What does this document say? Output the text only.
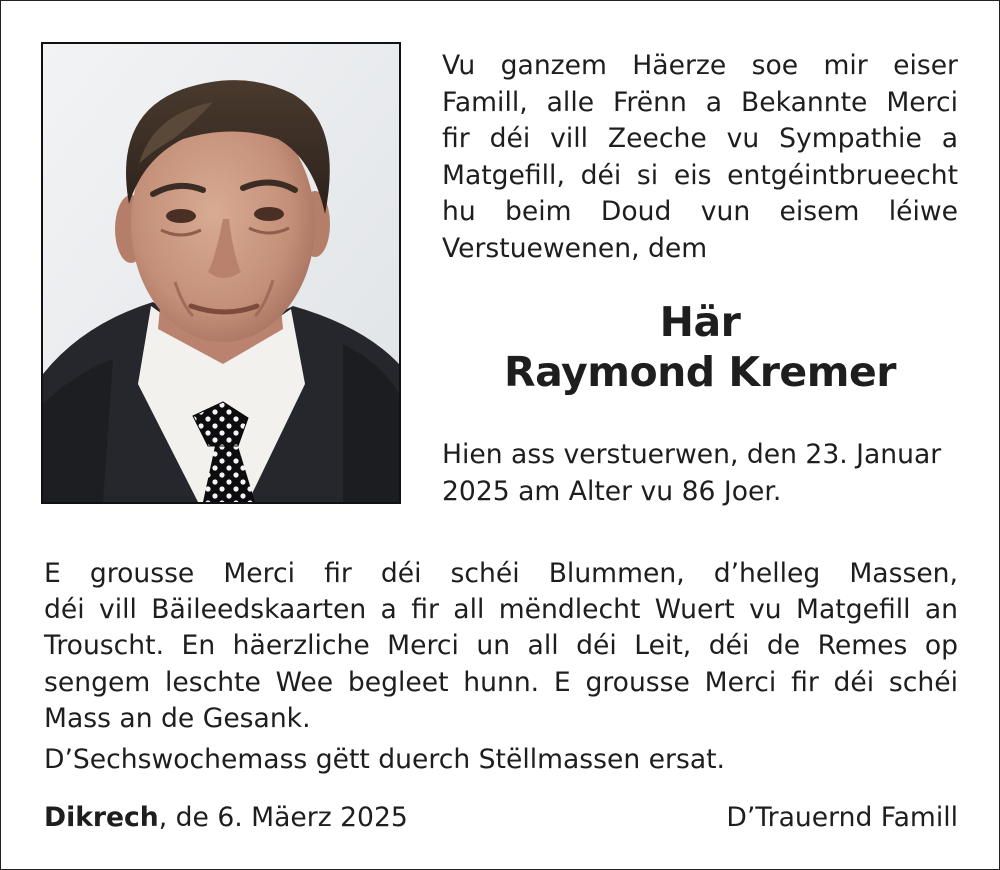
Vu ganzem Häerze soe mir eiser
Famill, alle Frënn a Bekannte Merci
fir déi vill Zeeche vu Sympathie a
Matgefill, déi si eis entgéintbrueecht
hu beim Doud vun eisem léiwe
Verstuewenen, dem
Här
Raymond Kremer
Hien ass verstuerwen, den 23. Januar
2025 am Alter vu 86 Joer.
E grousse Merci fir déi schéi Blummen, d’helleg Massen,
déi vill Bäileedskaarten a fir all mëndlecht Wuert vu Matgefill an
Trouscht. En häerzliche Merci un all déi Leit, déi de Remes op
sengem leschte Wee begleet hunn. E grousse Merci fir déi schéi
Mass an de Gesank.
D’Sechswochemass gëtt duerch Stëllmassen ersat.
Dikrech, de 6. Mäerz 2025	D’Trauernd Famill
